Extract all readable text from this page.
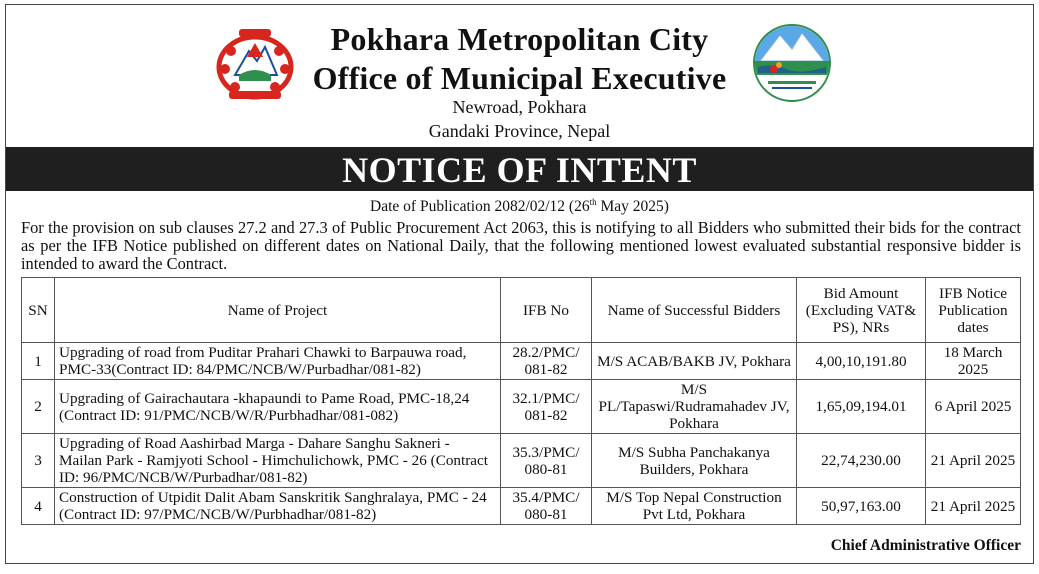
Pokhara Metropolitan City
Office of Municipal Executive
Newroad, Pokhara
Gandaki Province, Nepal
NOTICE OF INTENT
Date of Publication 2082/02/12 (26th May 2025)
For the provision on sub clauses 27.2 and 27.3 of Public Procurement Act 2063, this is notifying to all Bidders who submitted their bids for the contract as per the IFB Notice published on different dates on National Daily, that the following mentioned lowest evaluated substantial responsive bidder is intended to award the Contract.
SN	Name of Project	IFB No	Name of Successful Bidders	Bid Amount (Excluding VAT& PS), NRs	IFB Notice Publication dates
1	Upgrading of road from Puditar Prahari Chawki to Barpauwa road, PMC-33(Contract ID: 84/PMC/NCB/W/Purbadhar/081-82)	28.2/PMC/ 081-82	M/S ACAB/BAKB JV, Pokhara	4,00,10,191.80	18 March 2025
2	Upgrading of Gairachautara -khapaundi to Pame Road, PMC-18,24 (Contract ID: 91/PMC/NCB/W/R/Purbhadhar/081-082)	32.1/PMC/ 081-82	M/S PL/Tapaswi/Rudramahadev JV, Pokhara	1,65,09,194.01	6 April 2025
3	Upgrading of Road Aashirbad Marga - Dahare Sanghu Sakneri - Mailan Park - Ramjyoti School - Himchulichowk, PMC - 26 (Contract ID: 96/PMC/NCB/W/Purbadhar/081-82)	35.3/PMC/ 080-81	M/S Subha Panchakanya Builders, Pokhara	22,74,230.00	21 April 2025
4	Construction of Utpidit Dalit Abam Sanskritik Sanghralaya, PMC - 24 (Contract ID: 97/PMC/NCB/W/Purbhadhar/081-82)	35.4/PMC/ 080-81	M/S Top Nepal Construction Pvt Ltd, Pokhara	50,97,163.00	21 April 2025
Chief Administrative Officer
